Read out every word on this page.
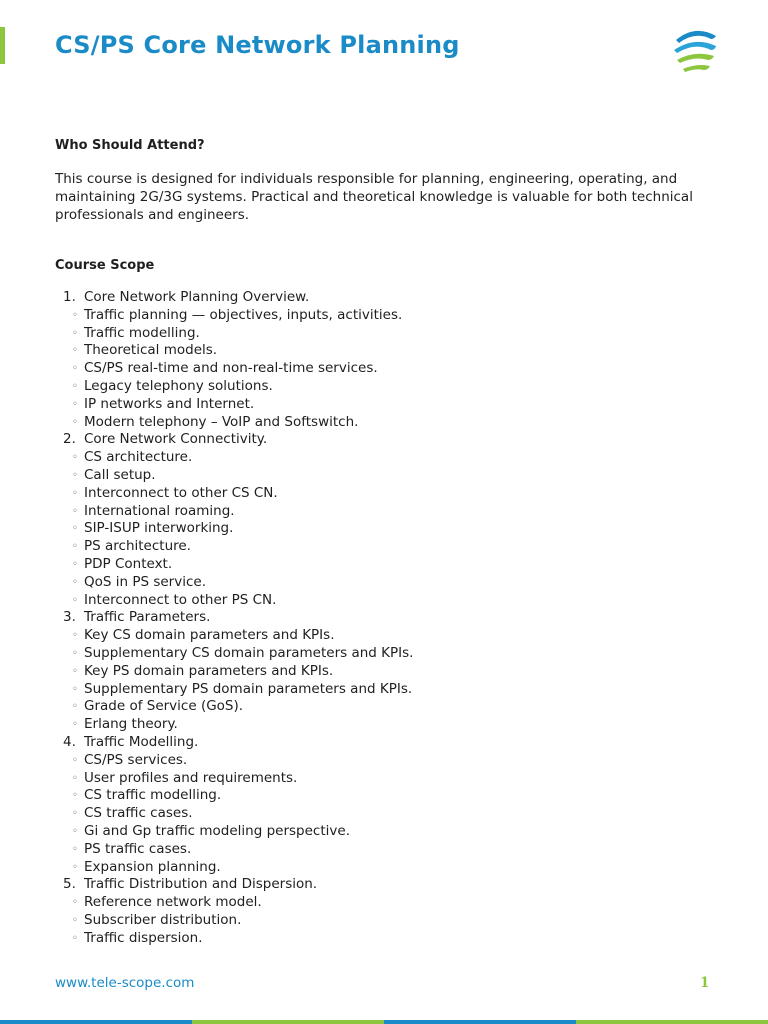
CS/PS Core Network Planning
Who Should Attend?

This course is designed for individuals responsible for planning, engineering, operating, and maintaining 2G/3G systems. Practical and theoretical knowledge is valuable for both technical professionals and engineers.

Course Scope
1. Core Network Planning Overview.
◦ Traffic planning — objectives, inputs, activities.
◦ Traffic modelling.
◦ Theoretical models.
◦ CS/PS real-time and non-real-time services.
◦ Legacy telephony solutions.
◦ IP networks and Internet.
◦ Modern telephony – VoIP and Softswitch.
2. Core Network Connectivity.
◦ CS architecture.
◦ Call setup.
◦ Interconnect to other CS CN.
◦ International roaming.
◦ SIP-ISUP interworking.
◦ PS architecture.
◦ PDP Context.
◦ QoS in PS service.
◦ Interconnect to other PS CN.
3. Traffic Parameters.
◦ Key CS domain parameters and KPIs.
◦ Supplementary CS domain parameters and KPIs.
◦ Key PS domain parameters and KPIs.
◦ Supplementary PS domain parameters and KPIs.
◦ Grade of Service (GoS).
◦ Erlang theory.
4. Traffic Modelling.
◦ CS/PS services.
◦ User profiles and requirements.
◦ CS traffic modelling.
◦ CS traffic cases.
◦ Gi and Gp traffic modeling perspective.
◦ PS traffic cases.
◦ Expansion planning.
5. Traffic Distribution and Dispersion.
◦ Reference network model.
◦ Subscriber distribution.
◦ Traffic dispersion.
www.tele-scope.com	1
